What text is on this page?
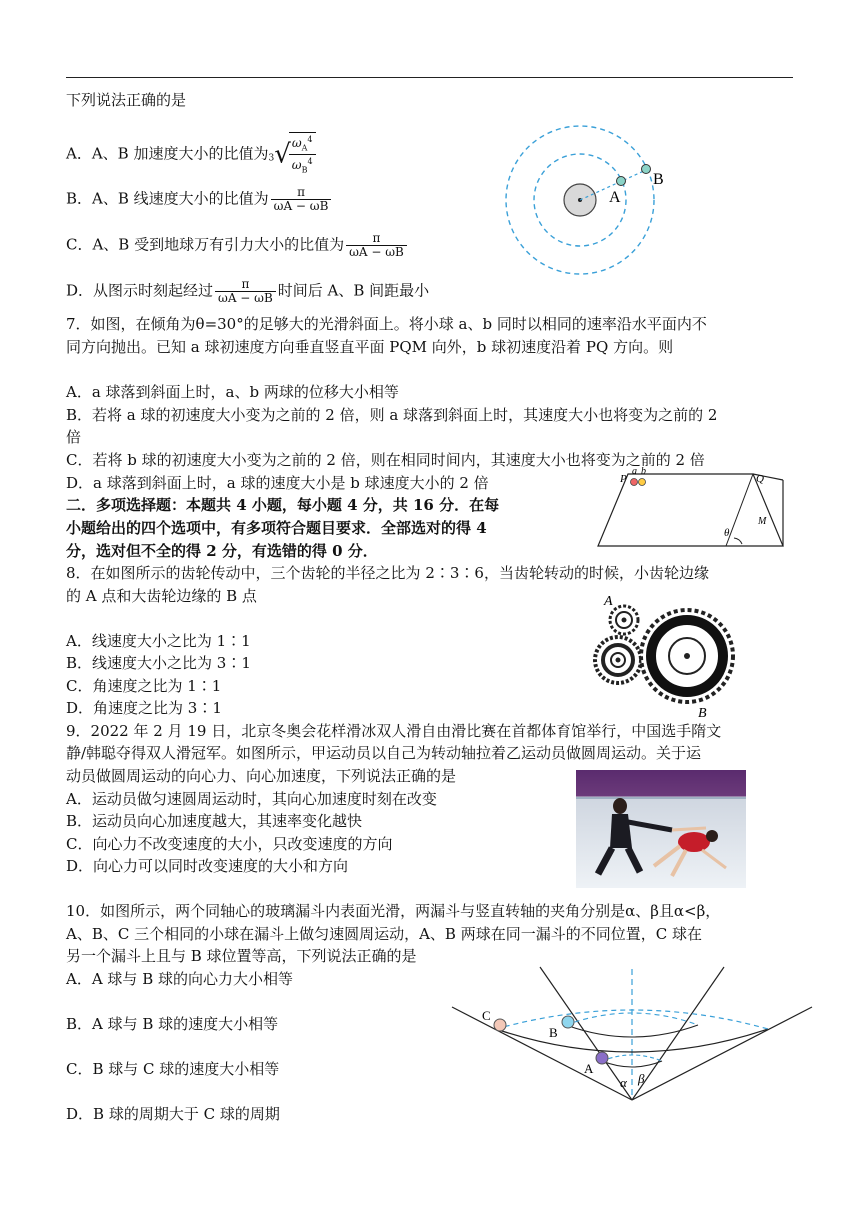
下列说法正确的是
A．A、B 加速度大小的比值为3√
$\frac{\omega_A^4}{\omega_B^4}$
B．A、B 线速度大小的比值为 $\frac{\pi}{\omega A - \omega B}$
C．A、B 受到地球万有引力大小的比值为 $\frac{\pi}{\omega A - \omega B}$
D．从图示时刻起经过 $\frac{\pi}{\omega A - \omega B}$ 时间后 A、B 间距最小
A
B
7．如图，在倾角为θ=30°的足够大的光滑斜面上。将小球 a、b 同时以相同的速率沿水平面内不
同方向抛出。已知 a 球初速度方向垂直竖直平面 PQM 向外，b 球初速度沿着 PQ 方向。则
A．a 球落到斜面上时，a、b 两球的位移大小相等
B．若将 a 球的初速度大小变为之前的 2 倍，则 a 球落到斜面上时，其速度大小也将变为之前的 2
倍
C．若将 b 球的初速度大小变为之前的 2 倍，则在相同时间内，其速度大小也将变为之前的 2 倍
D．a 球落到斜面上时，a 球的速度大小是 b 球速度大小的 2 倍	P
a b
Q
M
θ
二．多项选择题：本题共 4 小题，每小题 4 分，共 16 分．在每
小题给出的四个选项中，有多项符合题目要求．全部选对的得 4
分，选对但不全的得 2 分，有选错的得 0 分．
8．在如图所示的齿轮传动中，三个齿轮的半径之比为 2∶3∶6，当齿轮转动的时候，小齿轮边缘
的 A 点和大齿轮边缘的 B 点
A．线速度大小之比为 1∶1
B．线速度大小之比为 3∶1
C．角速度之比为 1∶1
D．角速度之比为 3∶1
A
B
9．2022 年 2 月 19 日，北京冬奥会花样滑冰双人滑自由滑比赛在首都体育馆举行，中国选手隋文
静/韩聪夺得双人滑冠军。如图所示，甲运动员以自己为转动轴拉着乙运动员做圆周运动。关于运
动员做圆周运动的向心力、向心加速度，下列说法正确的是
A．运动员做匀速圆周运动时，其向心加速度时刻在改变
B．运动员向心加速度越大，其速率变化越快
C．向心力不改变速度的大小，只改变速度的方向
D．向心力可以同时改变速度的大小和方向
10．如图所示，两个同轴心的玻璃漏斗内表面光滑，两漏斗与竖直转轴的夹角分别是α、β且α<β，
A、B、C 三个相同的小球在漏斗上做匀速圆周运动，A、B 两球在同一漏斗的不同位置，C 球在
另一个漏斗上且与 B 球位置等高，下列说法正确的是
A．A 球与 B 球的向心力大小相等
B．A 球与 B 球的速度大小相等
C．B 球与 C 球的速度大小相等
D．B 球的周期大于 C 球的周期
C
B
A
α β
